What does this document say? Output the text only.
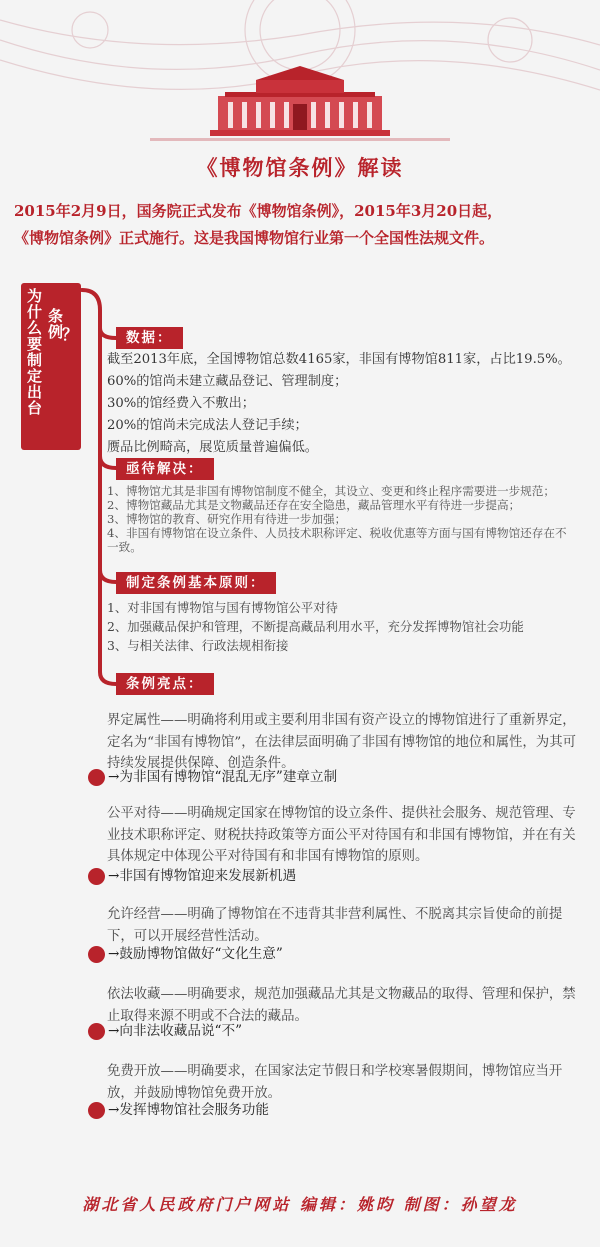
《博物馆条例》解读
2015年2月9日，国务院正式发布《博物馆条例》，2015年3月20日起，
《博物馆条例》正式施行。这是我国博物馆行业第一个全国性法规文件。
为什么要制定出台 条例
？	数据：
截至2013年底，全国博物馆总数4165家，非国有博物馆811家，占比19.5%。
60%的馆尚未建立藏品登记、管理制度；
30%的馆经费入不敷出；
20%的馆尚未完成法人登记手续；
赝品比例畸高，展览质量普遍偏低。
亟待解决：
1、博物馆尤其是非国有博物馆制度不健全，其设立、变更和终止程序需要进一步规范；
2、博物馆藏品尤其是文物藏品还存在安全隐患，藏品管理水平有待进一步提高；
3、博物馆的教育、研究作用有待进一步加强；
4、非国有博物馆在设立条件、人员技术职称评定、税收优惠等方面与国有博物馆还存在不一致。
制定条例基本原则：
1、对非国有博物馆与国有博物馆公平对待
2、加强藏品保护和管理，不断提高藏品利用水平，充分发挥博物馆社会功能
3、与相关法律、行政法规相衔接
条例亮点：
界定属性——明确将利用或主要利用非国有资产设立的博物馆进行了重新界定，定名为“非国有博物馆”，在法律层面明确了非国有博物馆的地位和属性，为其可持续发展提供保障、创造条件。
→为非国有博物馆“混乱无序”建章立制
公平对待——明确规定国家在博物馆的设立条件、提供社会服务、规范管理、专业技术职称评定、财税扶持政策等方面公平对待国有和非国有博物馆，并在有关具体规定中体现公平对待国有和非国有博物馆的原则。
→非国有博物馆迎来发展新机遇
允许经营——明确了博物馆在不违背其非营利属性、不脱离其宗旨使命的前提下，可以开展经营性活动。
→鼓励博物馆做好“文化生意”
依法收藏——明确要求，规范加强藏品尤其是文物藏品的取得、管理和保护，禁止取得来源不明或不合法的藏品。
→向非法收藏品说“不”
免费开放——明确要求，在国家法定节假日和学校寒暑假期间，博物馆应当开放，并鼓励博物馆免费开放。
→发挥博物馆社会服务功能
湖北省人民政府门户网站 编辑：姚昀 制图：孙望龙
